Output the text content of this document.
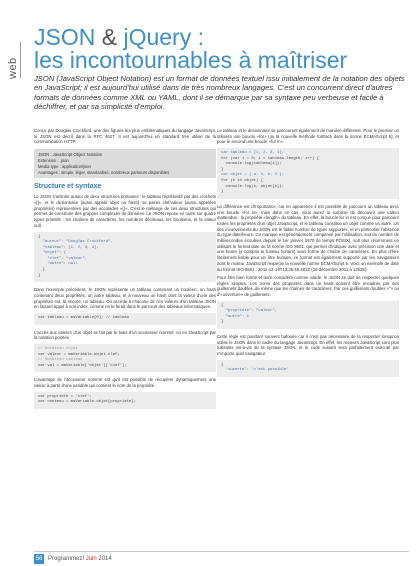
web
JSON & jQuery :
les incontournables à maîtriser
JSON (JavaScript Object Notation) est un format de données textuel issu initialement de la notation des objets en JavaScript; il est aujourd'hui utilisé dans de très nombreux langages. C'est un concurrent direct d'autres formats de données comme XML ou YAML, dont il se démarque par sa syntaxe peu verbeuse et facile à déchiffrer, et par sa simplicité d'emploi.

Conçu par Douglas Crockford, une des figures les plus emblématiques du langage JavaScript, le JSON est décrit dans la RFC 4627. Il est aujourd'hui un standard très utilisé de la communication HTTP.

JSON : JavaScript Object Notation
Extension : .json
Media type : application/json
Avantages : simple, léger, standardisé, nombreux parseurs disponibles
Structure et syntaxe

Le JSON s'articule autour de deux structures primaires : le tableau représenté par des crochets «[]», et le dictionnaire (aussi appelé objet ou hash) ou paires clef/valeur (aussi appelées propriétés) représentées par des accolades «{}». C'est le mélange de ces deux structures qui permet de construire des grappes complexes de données. Le JSON repose en outre sur quatre types primitifs : les chaînes de caractères, les nombres décimaux, les booléens, et la valeur null.

{
"auteur": "Douglas Crockford",
"tableau": [1, 2, 3, 4],
"objet": {
"clef": "valeur",
"autre": null
}
}

Dans l'exemple précédent, le JSON représente un tableau contenant un booléen, un hash contenant deux propriétés, un autre tableau, et à nouveau un hash dont la valeur d'une des propriétés est, là encore, un tableau. On accède à chacune de ces valeurs d'un tableau JSON en faisant appel à son index, comme on le ferait dans le parcourt des tableaux informatiques.

var tableau = maVariable[0]; // tableau

L'accès aux valeurs d'un objet se fait par le biais d'un accesseur nommé, ou en JavaScript par la notation pointée.

// Notation objet
var valeur = maVariable.objet.clef;
// Notation tableau
var val = maVariable['objet']['clef'];

L'avantage de l'accesseur nommé est qu'il est possible de récupérer dynamiquement une valeur à partir d'une variable qui contient le nom de la propriété.

var propriete = 'clef';
var contenu = maVariable.objet[propriete];

Le tableau et le dictionnaire se parcourent également de manière différente. Pour le premier on utilisera une boucle «for» (ou la nouvelle méthode forEach dans la norme ECMAScript 5), et pour le second une boucle «for in».

var tableau = [1, 2, 3, 4];
for (var i = 0; i < tableau.length; i++) {
console.log(tableau[i]);
}
var objet = { a: 1, b: 2 };
for (k in objet) {
console.log(k, objet[k]);
}

La différence est d'importance, car en apparence il est possible de parcourir un tableau avec une boucle «for in», mais dans ce cas, vous aurez la surprise de découvrir une valeur inattendue : la propriété «length» du tableau. En effet, la boucle for in est conçue pour parcourir toutes les propriétés d'un objet JavaScript, et le tableau constitue un objet comme un autre. Un des inconvénients du JSON est le faible nombre de types supportés, et en particulier l'absence du type date/heure. Ce manque est généralement compensé par l'utilisation, soit du nombre de millisecondes écoulées depuis le 1er janvier 1970 (le temps POSIX), soit plus récemment en utilisant le format date de la norme ISO 8601, qui permet d'indiquer avec précision une date et une heure (y compris le fuseau horaire) sous forme de chaîne de caractères. En plus d'être facilement lisible pour un être humain, ce format est également supporté par les navigateurs dont le moteur JavaScript respecte la nouvelle norme ECMAScript 5. Voici un exemple de date au format ISO 8601 : 2011-12-19T13:26:48.482Z (19 décembre 2011 à 13h26).

Pour être bien formé et donc considéré comme valide, le JSON se doit de respecter quelques règles simples. Les noms des propriétés dans un hash doivent être encadrés par des guillemets doubles, de même que les chaînes de caractères. Par ces guillemets doubles «"» ou d'«ouverture» de guillemets.

{
"propriete": "valeur",
"autre": 1
}

Cette règle est pourtant souvent bafouée car il n'est pas nécessaire de la respecter lorsqu'on utilise le JSON dans le cadre du langage JavaScript. En effet, les moteurs JavaScript sont plus tolérants vis-à-vis de la syntaxe JSON, et le code suivant sera parfaitement exécuté par n'importe quel navigateur.

{
'ouverte': 'c'est possible'
56 Programmez! Juin 2014
